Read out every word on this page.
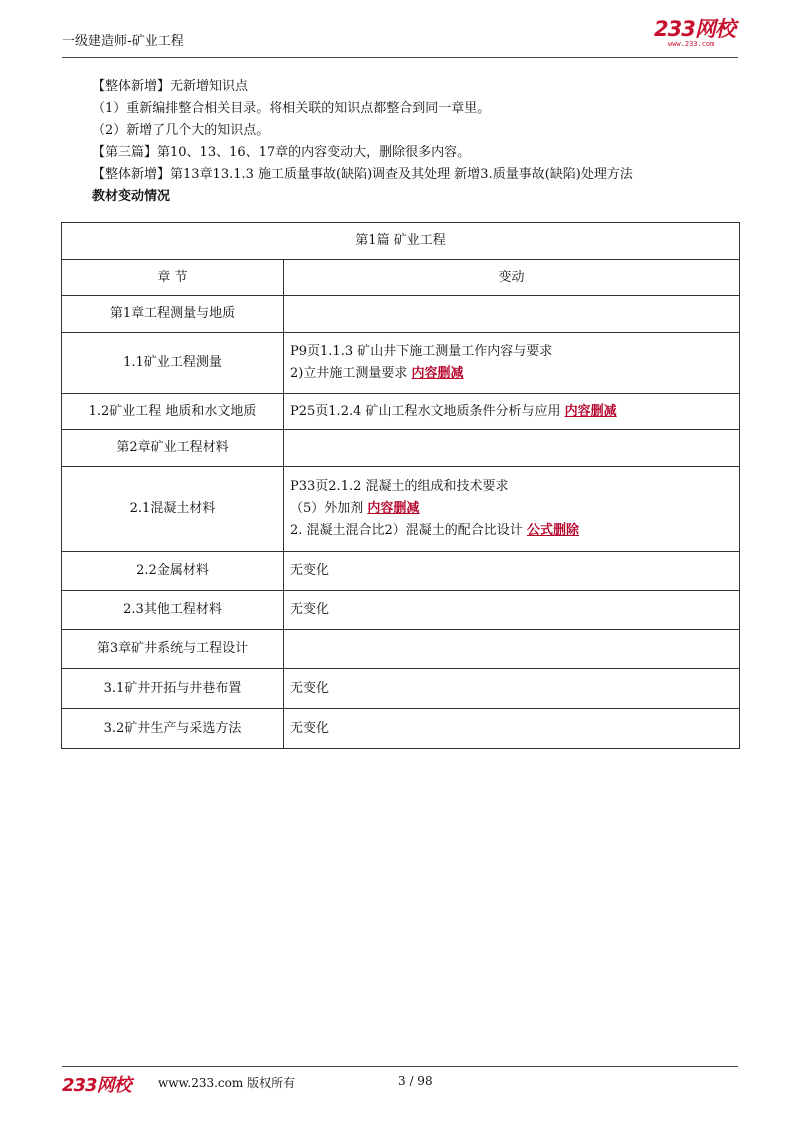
一级建造师-矿业工程
233网校
www.233.com
【整体新增】无新增知识点
（1）重新编排整合相关目录。将相关联的知识点都整合到同一章里。
（2）新增了几个大的知识点。
【第三篇】第10、13、16、17章的内容变动大，删除很多内容。
【整体新增】第13章13.1.3 施工质量事故(缺陷)调查及其处理 新增3.质量事故(缺陷)处理方法
教材变动情况
第1篇 矿业工程	
章 节	变动
第1章工程测量与地质	
1.1矿业工程测量	P9页1.1.3 矿山井下施工测量工作内容与要求
2)立井施工测量要求 内容删减

1.2矿业工程 地质和水文地质	P25页1.2.4 矿山工程水文地质条件分析与应用 内容删减

第2章矿业工程材料	
2.1混凝土材料	P33页2.1.2 混凝土的组成和技术要求
（5）外加剂 内容删减
2. 混凝土混合比2）混凝土的配合比设计 公式删除

2.2金属材料	无变化

2.3其他工程材料	无变化

第3章矿井系统与工程设计	
3.1矿井开拓与井巷布置	无变化

3.2矿井生产与采选方法	无变化
233网校 www.233.com 版权所有	3 / 98
